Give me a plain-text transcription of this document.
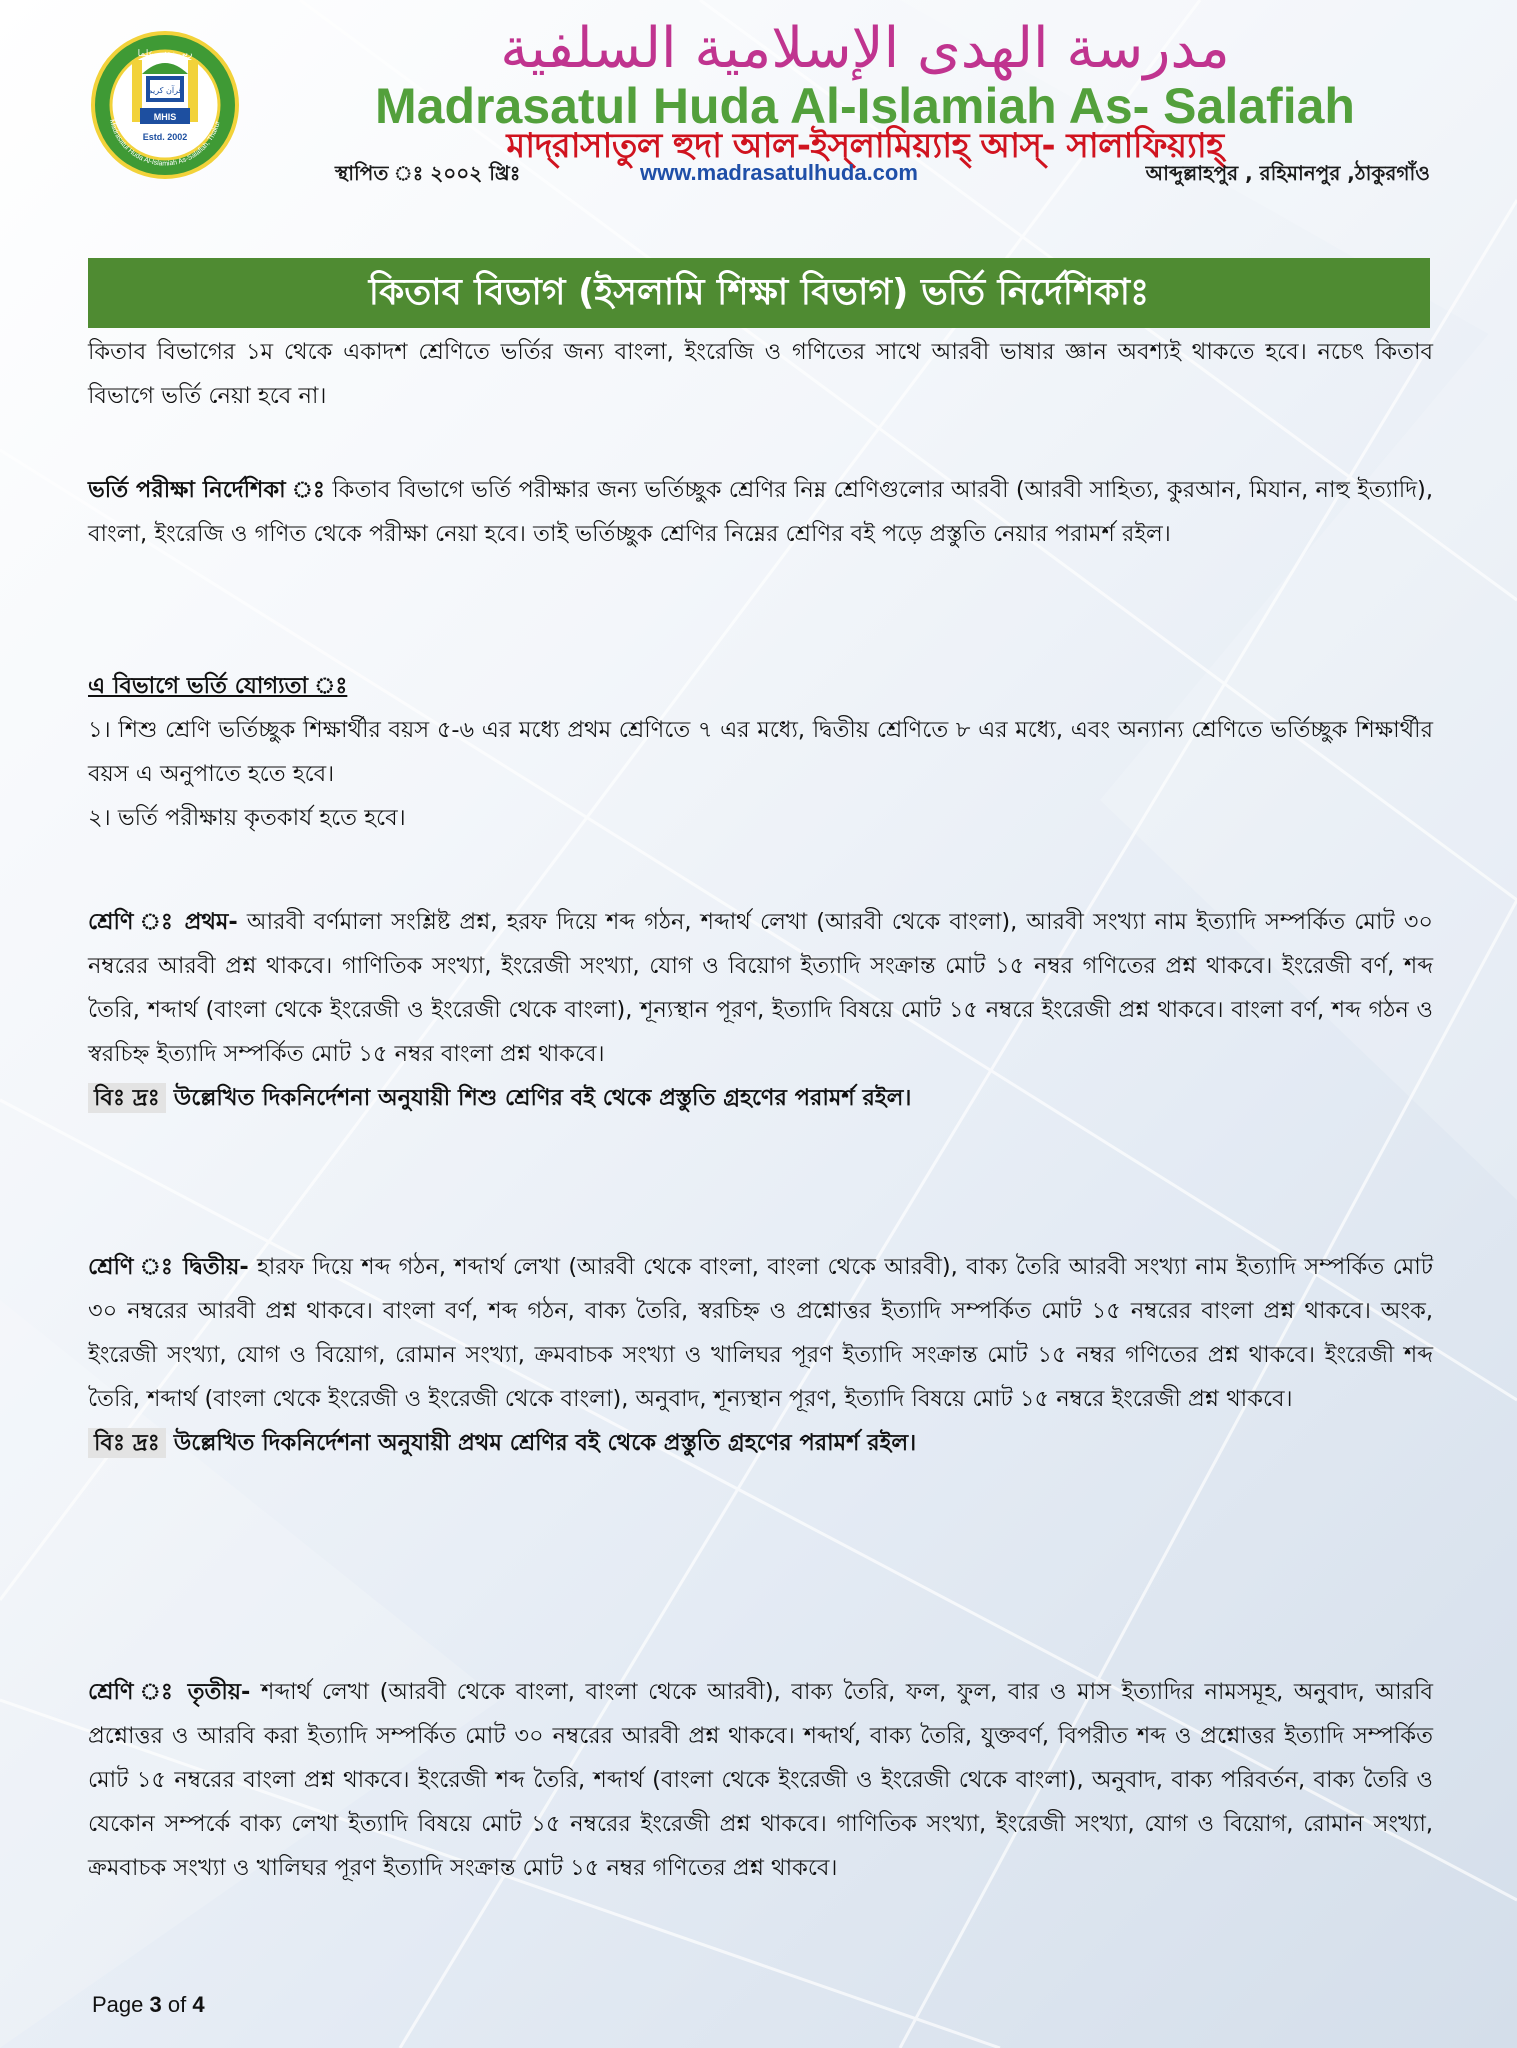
ربي زدني علما
قرآن كريم
MHIS
Estd. 2002
Madrasatul Huda Al-Islamiah As-Salafiah, Thakur
مدرسة الهدى الإسلامية السلفية
Madrasatul Huda Al-Islamiah As- Salafiah
মাদ্‌রাসাতুল হুদা আল-ইস্‌লামিয়্যাহ্‌ আস্‌- সালাফিয়্যাহ্‌
স্থাপিত ঃ ২০০২ খ্রিঃ	www.madrasatulhuda.com	আব্দুল্লাহপুর , রহিমানপুর ,ঠাকুরগাঁও
কিতাব বিভাগ (ইসলামি শিক্ষা বিভাগ) ভর্তি নির্দেশিকাঃ
কিতাব বিভাগের ১ম থেকে একাদশ শ্রেণিতে ভর্তির জন্য বাংলা, ইংরেজি ও গণিতের সাথে আরবী ভাষার জ্ঞান অবশ্যই থাকতে হবে। নচেৎ কিতাব বিভাগে ভর্তি নেয়া হবে না।
ভর্তি পরীক্ষা নির্দেশিকা ঃ কিতাব বিভাগে ভর্তি পরীক্ষার জন্য ভর্তিচ্ছুক শ্রেণির নিম্ন শ্রেণিগুলোর আরবী (আরবী সাহিত্য, কুরআন, মিযান, নাহু ইত্যাদি), বাংলা, ইংরেজি ও গণিত থেকে পরীক্ষা নেয়া হবে। তাই ভর্তিচ্ছুক শ্রেণির নিম্নের শ্রেণির বই পড়ে প্রস্তুতি নেয়ার পরামর্শ রইল।
এ বিভাগে ভর্তি যোগ্যতা ঃ
১। শিশু শ্রেণি ভর্তিচ্ছুক শিক্ষার্থীর বয়স ৫-৬ এর মধ্যে প্রথম শ্রেণিতে ৭ এর মধ্যে, দ্বিতীয় শ্রেণিতে ৮ এর মধ্যে, এবং অন্যান্য শ্রেণিতে ভর্তিচ্ছুক শিক্ষার্থীর বয়স এ অনুপাতে হতে হবে।
২। ভর্তি পরীক্ষায় কৃতকার্য হতে হবে।
শ্রেণি ঃ প্রথম- আরবী বর্ণমালা সংশ্লিষ্ট প্রশ্ন, হরফ দিয়ে শব্দ গঠন, শব্দার্থ লেখা (আরবী থেকে বাংলা), আরবী সংখ্যা নাম ইত্যাদি সম্পর্কিত মোট ৩০ নম্বরের আরবী প্রশ্ন থাকবে। গাণিতিক সংখ্যা, ইংরেজী সংখ্যা, যোগ ও বিয়োগ ইত্যাদি সংক্রান্ত মোট ১৫ নম্বর গণিতের প্রশ্ন থাকবে। ইংরেজী বর্ণ, শব্দ তৈরি, শব্দার্থ (বাংলা থেকে ইংরেজী ও ইংরেজী থেকে বাংলা), শূন্যস্থান পূরণ, ইত্যাদি বিষয়ে মোট ১৫ নম্বরে ইংরেজী প্রশ্ন থাকবে। বাংলা বর্ণ, শব্দ গঠন ও স্বরচিহ্ন ইত্যাদি সম্পর্কিত মোট ১৫ নম্বর বাংলা প্রশ্ন থাকবে।
বিঃ দ্রঃ উল্লেখিত দিকনির্দেশনা অনুযায়ী শিশু শ্রেণির বই থেকে প্রস্তুতি গ্রহণের পরামর্শ রইল।
শ্রেণি ঃ দ্বিতীয়- হারফ দিয়ে শব্দ গঠন, শব্দার্থ লেখা (আরবী থেকে বাংলা, বাংলা থেকে আরবী), বাক্য তৈরি আরবী সংখ্যা নাম ইত্যাদি সম্পর্কিত মোট ৩০ নম্বরের আরবী প্রশ্ন থাকবে। বাংলা বর্ণ, শব্দ গঠন, বাক্য তৈরি, স্বরচিহ্ন ও প্রশ্নোত্তর ইত্যাদি সম্পর্কিত মোট ১৫ নম্বরের বাংলা প্রশ্ন থাকবে। অংক, ইংরেজী সংখ্যা, যোগ ও বিয়োগ, রোমান সংখ্যা, ক্রমবাচক সংখ্যা ও খালিঘর পূরণ ইত্যাদি সংক্রান্ত মোট ১৫ নম্বর গণিতের প্রশ্ন থাকবে। ইংরেজী শব্দ তৈরি, শব্দার্থ (বাংলা থেকে ইংরেজী ও ইংরেজী থেকে বাংলা), অনুবাদ, শূন্যস্থান পূরণ, ইত্যাদি বিষয়ে মোট ১৫ নম্বরে ইংরেজী প্রশ্ন থাকবে।
বিঃ দ্রঃ উল্লেখিত দিকনির্দেশনা অনুযায়ী প্রথম শ্রেণির বই থেকে প্রস্তুতি গ্রহণের পরামর্শ রইল।
শ্রেণি ঃ তৃতীয়- শব্দার্থ লেখা (আরবী থেকে বাংলা, বাংলা থেকে আরবী), বাক্য তৈরি, ফল, ফুল, বার ও মাস ইত্যাদির নামসমূহ, অনুবাদ, আরবি প্রশ্নোত্তর ও আরবি করা ইত্যাদি সম্পর্কিত মোট ৩০ নম্বরের আরবী প্রশ্ন থাকবে। শব্দার্থ, বাক্য তৈরি, যুক্তবর্ণ, বিপরীত শব্দ ও প্রশ্নোত্তর ইত্যাদি সম্পর্কিত মোট ১৫ নম্বরের বাংলা প্রশ্ন থাকবে। ইংরেজী শব্দ তৈরি, শব্দার্থ (বাংলা থেকে ইংরেজী ও ইংরেজী থেকে বাংলা), অনুবাদ, বাক্য পরিবর্তন, বাক্য তৈরি ও যেকোন সম্পর্কে বাক্য লেখা ইত্যাদি বিষয়ে মোট ১৫ নম্বরের ইংরেজী প্রশ্ন থাকবে। গাণিতিক সংখ্যা, ইংরেজী সংখ্যা, যোগ ও বিয়োগ, রোমান সংখ্যা, ক্রমবাচক সংখ্যা ও খালিঘর পূরণ ইত্যাদি সংক্রান্ত মোট ১৫ নম্বর গণিতের প্রশ্ন থাকবে।
Page 3 of 4
